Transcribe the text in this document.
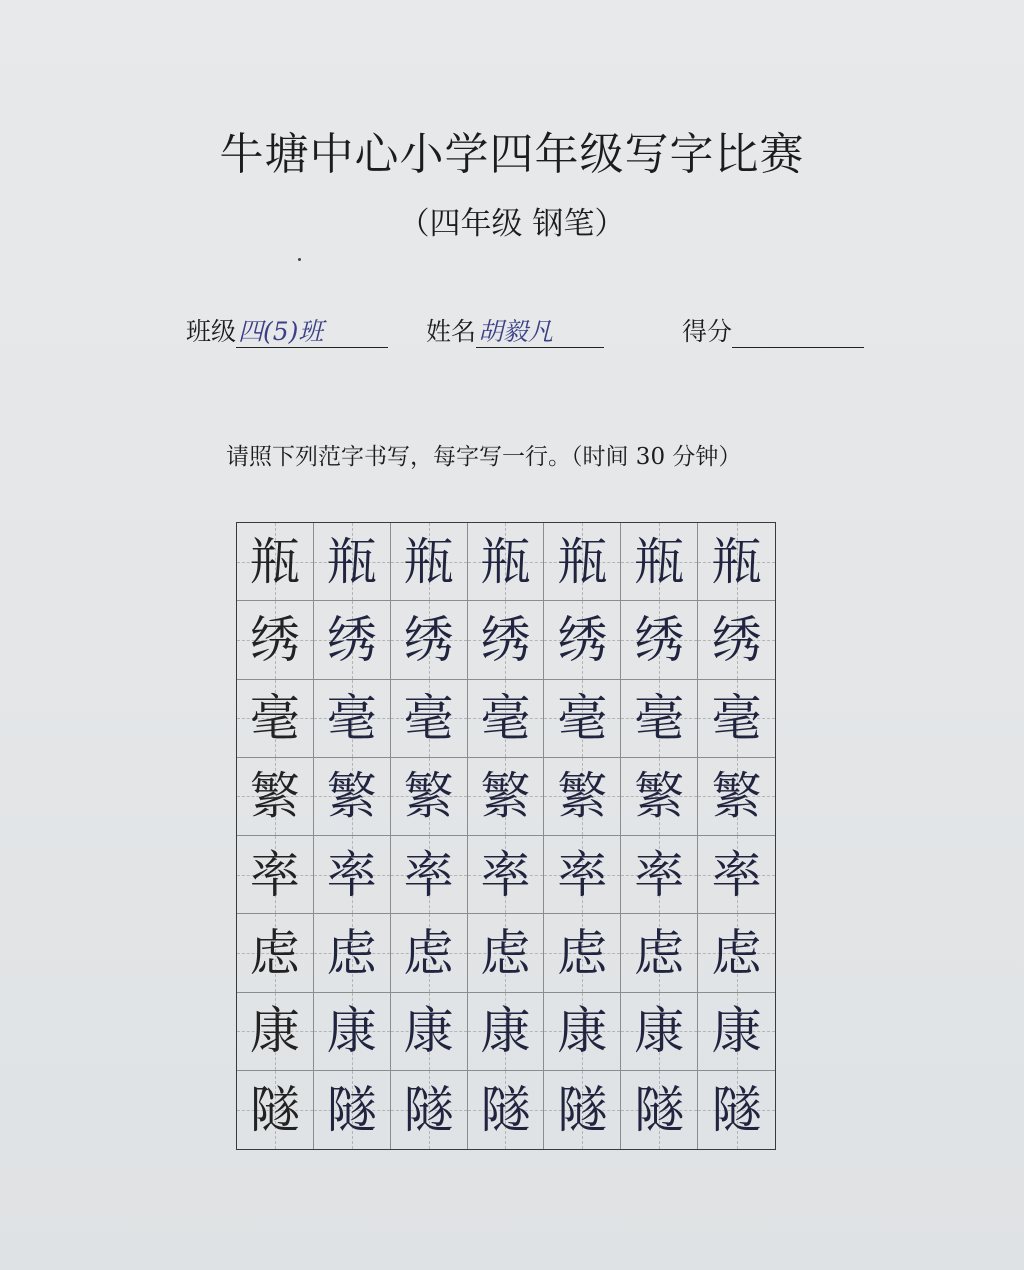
牛塘中心小学四年级写字比赛
（四年级 钢笔）
班级 四(5)班	姓名 胡毅凡	得分
请照下列范字书写，每字写一行。（时间 30 分钟）
瓶 瓶 瓶 瓶 瓶 瓶 瓶
绣 绣 绣 绣 绣 绣 绣
毫 毫 毫 毫 毫 毫 毫
繁 繁 繁 繁 繁 繁 繁
率 率 率 率 率 率 率
虑 虑 虑 虑 虑 虑 虑
康 康 康 康 康 康 康
隧 隧 隧 隧 隧 隧 隧
